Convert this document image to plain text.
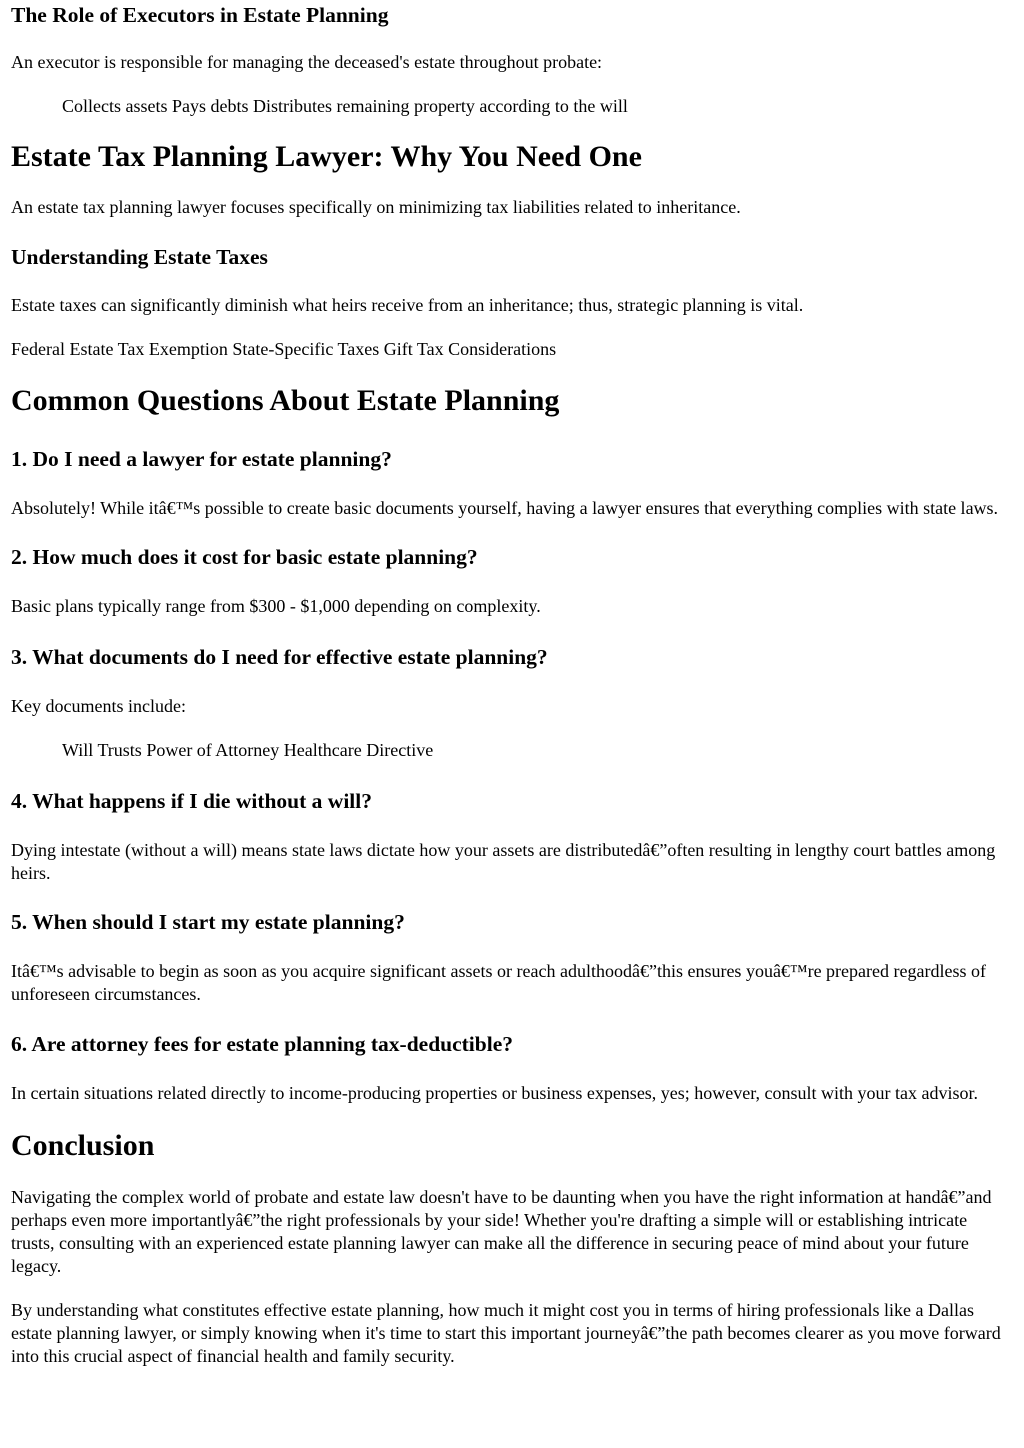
The Role of Executors in Estate Planning

An executor is responsible for managing the deceased's estate throughout probate:

Collects assets Pays debts Distributes remaining property according to the will

Estate Tax Planning Lawyer: Why You Need One

An estate tax planning lawyer focuses specifically on minimizing tax liabilities related to inheritance.

Understanding Estate Taxes

Estate taxes can significantly diminish what heirs receive from an inheritance; thus, strategic planning is vital.

Federal Estate Tax Exemption State-Specific Taxes Gift Tax Considerations

Common Questions About Estate Planning
1. Do I need a lawyer for estate planning?

Absolutely! While itâ€™s possible to create basic documents yourself, having a lawyer ensures that everything complies with state laws.

2. How much does it cost for basic estate planning?

Basic plans typically range from $300 - $1,000 depending on complexity.

3. What documents do I need for effective estate planning?

Key documents include:

Will Trusts Power of Attorney Healthcare Directive

4. What happens if I die without a will?

Dying intestate (without a will) means state laws dictate how your assets are distributedâ€”often resulting in lengthy court battles among heirs.

5. When should I start my estate planning?

Itâ€™s advisable to begin as soon as you acquire significant assets or reach adulthoodâ€”this ensures youâ€™re prepared regardless of unforeseen circumstances.

6. Are attorney fees for estate planning tax-deductible?

In certain situations related directly to income-producing properties or business expenses, yes; however, consult with your tax advisor.

Conclusion

Navigating the complex world of probate and estate law doesn't have to be daunting when you have the right information at handâ€”and perhaps even more importantlyâ€”the right professionals by your side! Whether you're drafting a simple will or establishing intricate trusts, consulting with an experienced estate planning lawyer can make all the difference in securing peace of mind about your future legacy.

By understanding what constitutes effective estate planning, how much it might cost you in terms of hiring professionals like a Dallas estate planning lawyer, or simply knowing when it's time to start this important journeyâ€”the path becomes clearer as you move forward into this crucial aspect of financial health and family security.
